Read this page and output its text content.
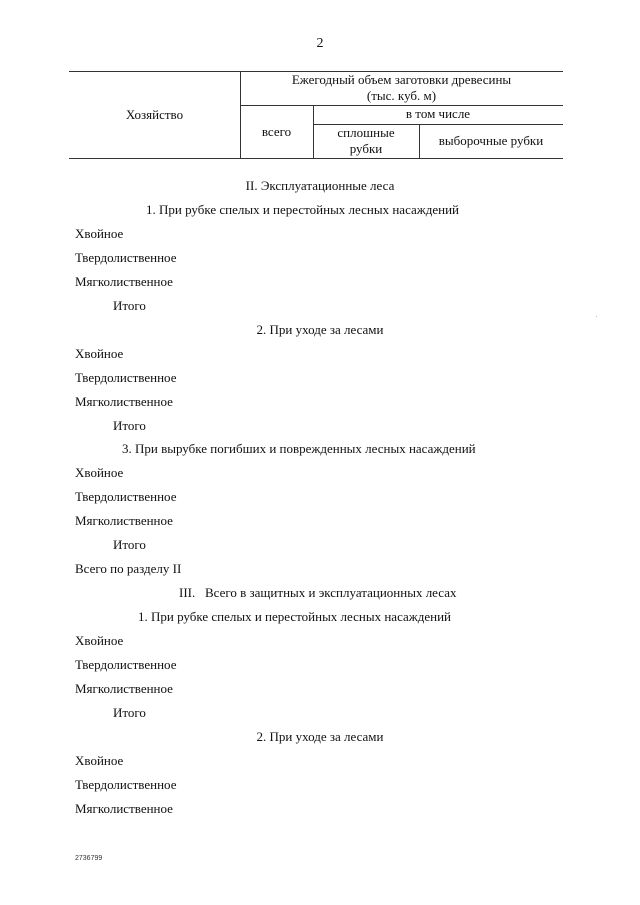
2
Хозяйство
Ежегодный объем заготовки древесины
(тыс. куб. м)
всего
в том числе
сплошные
рубки
выборочные рубки
II. Эксплуатационные леса
1. При рубке спелых и перестойных лесных насаждений
Хвойное
Твердолиственное
Мягколиственное
Итого
2. При уходе за лесами
Хвойное
Твердолиственное
Мягколиственное
Итого
3. При вырубке погибших и поврежденных лесных насаждений
Хвойное
Твердолиственное
Мягколиственное
Итого
Всего по разделу II
III. Всего в защитных и эксплуатационных лесах
1. При рубке спелых и перестойных лесных насаждений
Хвойное
Твердолиственное
Мягколиственное
Итого
2. При уходе за лесами
Хвойное
Твердолиственное
Мягколиственное
2736799
